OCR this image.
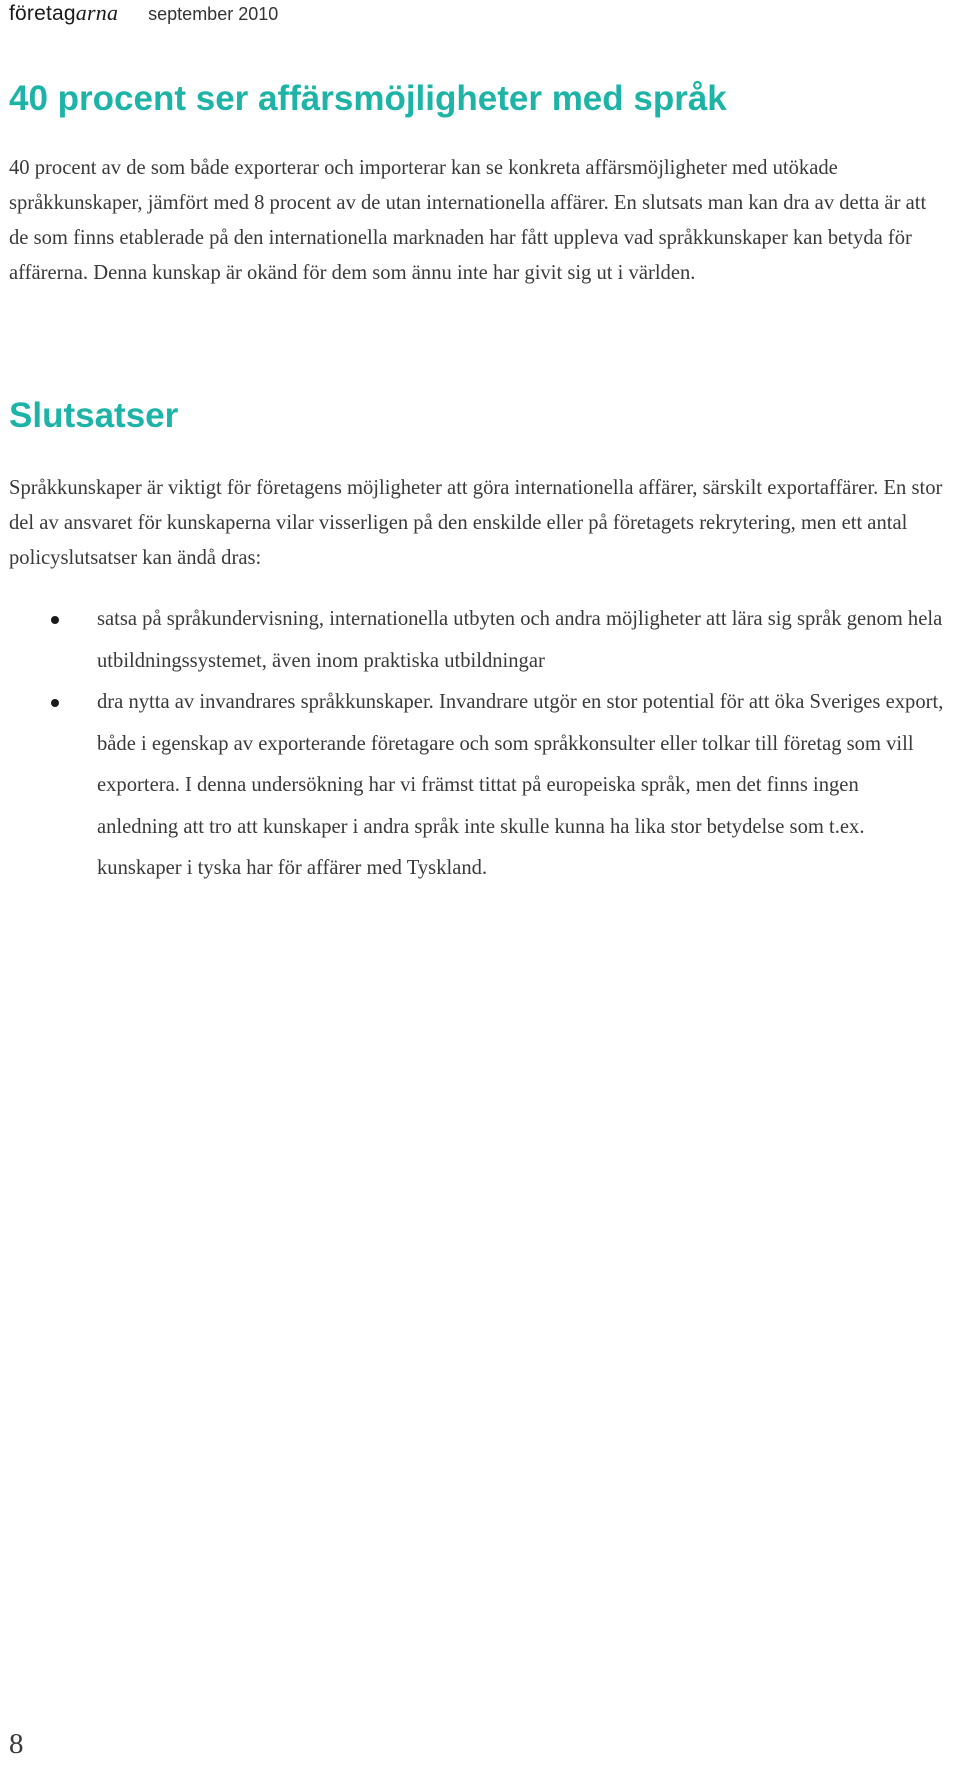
företagarna september 2010
40 procent ser affärsmöjligheter med språk

40 procent av de som både exporterar och importerar kan se konkreta affärsmöjligheter med utökade språkkunskaper, jämfört med 8 procent av de utan internationella affärer. En slutsats man kan dra av detta är att de som finns etablerade på den internationella marknaden har fått uppleva vad språkkunskaper kan betyda för affärerna. Denna kunskap är okänd för dem som ännu inte har givit sig ut i världen.

Slutsatser

Språkkunskaper är viktigt för företagens möjligheter att göra internationella affärer, särskilt exportaffärer. En stor del av ansvaret för kunskaperna vilar visserligen på den enskilde eller på företagets rekrytering, men ett antal policyslutsatser kan ändå dras:

satsa på språkundervisning, internationella utbyten och andra möjligheter att lära sig språk genom hela utbildningssystemet, även inom praktiska utbildningar
dra nytta av invandrares språkkunskaper. Invandrare utgör en stor potential för att öka Sveriges export, både i egenskap av exporterande företagare och som språkkonsulter eller tolkar till företag som vill exportera. I denna undersökning har vi främst tittat på europeiska språk, men det finns ingen anledning att tro att kunskaper i andra språk inte skulle kunna ha lika stor betydelse som t.ex. kunskaper i tyska har för affärer med Tyskland.
8
